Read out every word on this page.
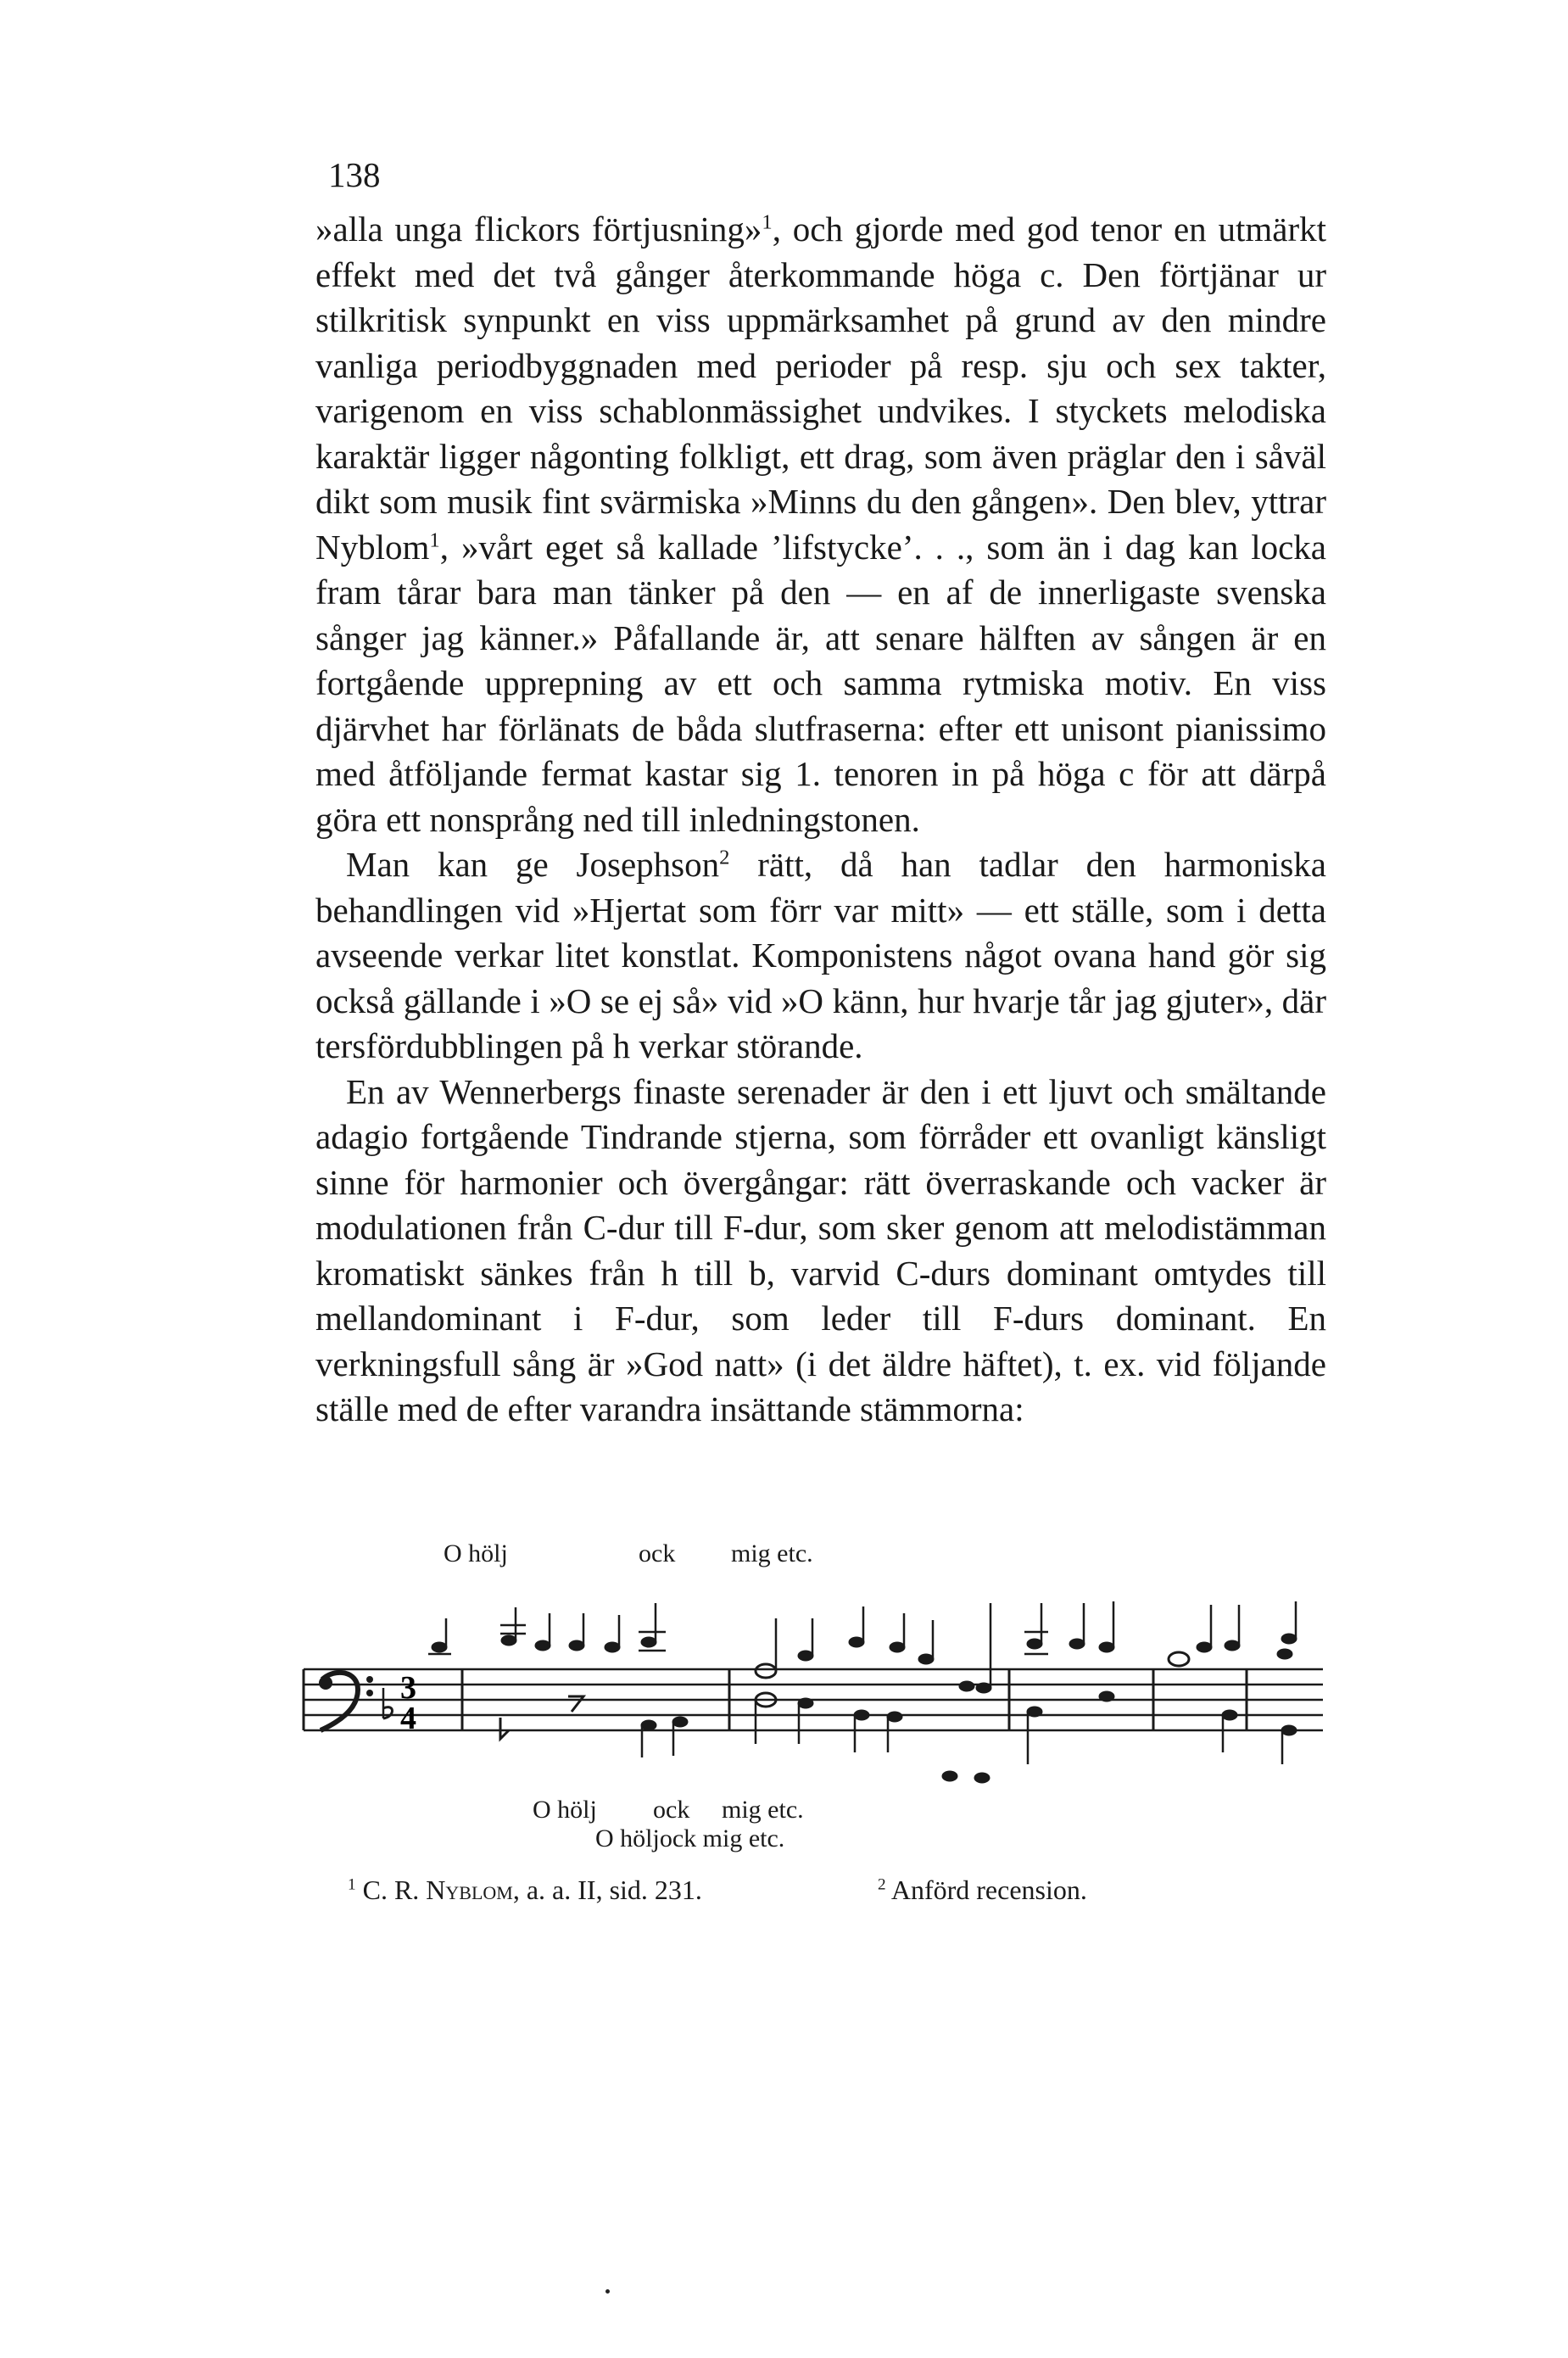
138

»alla unga flickors förtjusning»$^1$, och gjorde med god tenor en utmärkt effekt med det två gånger återkommande höga c. Den förtjänar ur stilkritisk synpunkt en viss uppmärksamhet på grund av den mindre vanliga periodbyggnaden med perioder på resp. sju och sex takter, varigenom en viss schablonmässighet undvikes. I styckets melodiska karaktär ligger någonting folkligt, ett drag, som även präglar den i såväl dikt som musik fint svärmiska »Minns du den gången». Den blev, yttrar Nyblom$^1$, »vårt eget så kallade ’lifstycke’. . ., som än i dag kan locka fram tårar bara man tänker på den — en af de innerligaste svenska sånger jag känner.» Påfallande är, att senare hälften av sången är en fortgående upprepning av ett och samma rytmiska motiv. En viss djärvhet har förlänats de båda slutfraserna: efter ett unisont pianissimo med åtföljande fermat kastar sig 1. tenoren in på höga c för att därpå göra ett nonsprång ned till inledningstonen.

Man kan ge Josephson$^2$ rätt, då han tadlar den harmoniska behandlingen vid »Hjertat som förr var mitt» — ett ställe, som i detta avseende verkar litet konstlat. Komponistens något ovana hand gör sig också gällande i »O se ej så» vid »O känn, hur hvarje tår jag gjuter», där tersfördubblingen på h verkar störande.

En av Wennerbergs finaste serenader är den i ett ljuvt och smältande adagio fortgående Tindrande stjerna, som förråder ett ovanligt känsligt sinne för harmonier och övergångar: rätt överraskande och vacker är modulationen från C-dur till F-dur, som sker genom att melodistämman kromatiskt sänkes från h till b, varvid C-durs dominant omtydes till mellandominant i F-dur, som leder till F-durs dominant. En verkningsfull sång är »God natt» (i det äldre häftet), t. ex. vid följande ställe med de efter varandra insättande stämmorna:

O hölj	ock mig etc.
3
4
O hölj ock mig etc.
O höljock mig etc.
$^1$ C. R. Nyblom, a. a. II, sid. 231.	$^2$ Anförd recension.
